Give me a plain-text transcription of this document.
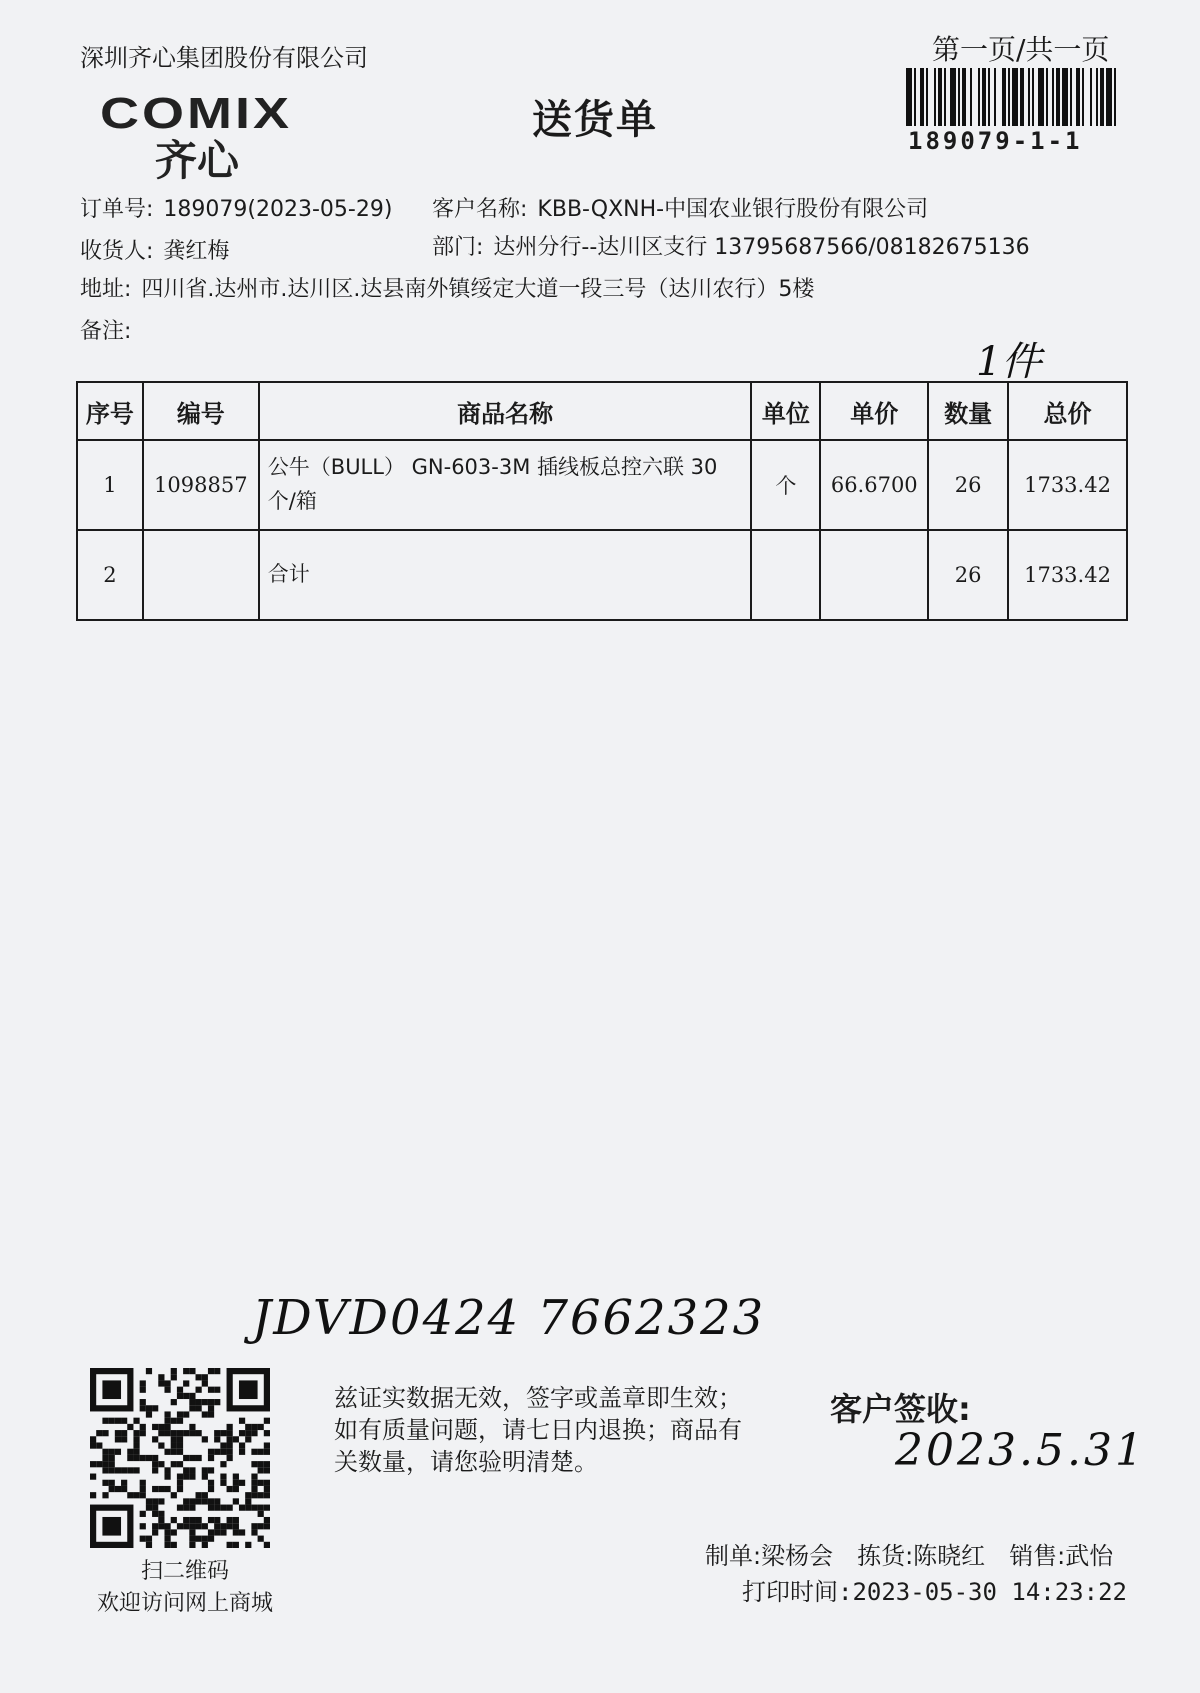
深圳齐心集团股份有限公司
COMIX
齐心
送货单
第一页/共一页
189079-1-1
订单号: 189079(2023-05-29) 客户名称: KBB-QXNH-中国农业银行股份有限公司
收货人: 龚红梅	部门: 达州分行--达川区支行 13795687566/08182675136
地址: 四川省.达州市.达川区.达县南外镇绥定大道一段三号（达川农行）5楼
备注:
1件
序号	编号	商品名称	单位	单价	数量	总价
1	1098857	公牛（BULL） GN-603-3M 插线板总控六联 30 个/箱	个	66.6700	26	1733.42
2		合计			26	1733.42
JDVD0424 7662323
扫二维码
欢迎访问网上商城
兹证实数据无效，签字或盖章即生效；如有质量问题，请七日内退换；商品有关数量，请您验明清楚。
客户签收:
2023.5.31
制单:梁杨会 拣货:陈晓红 销售:武怡
打印时间:2023-05-30 14:23:22
